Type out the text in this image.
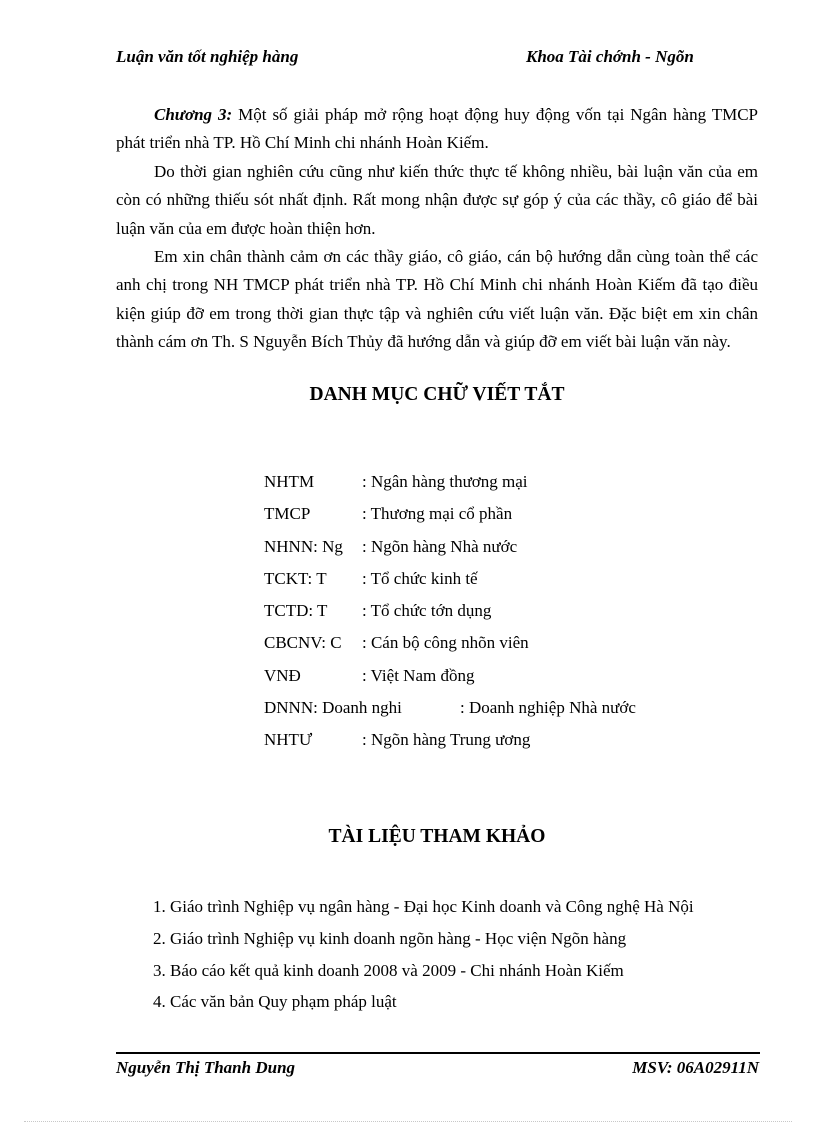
Luận văn tốt nghiệp hàng	Khoa Tài chớnh - Ngõn

Chương 3: Một số giải pháp mở rộng hoạt động huy động vốn tại Ngân hàng TMCP phát triển nhà TP. Hồ Chí Minh chi nhánh Hoàn Kiếm.

Do thời gian nghiên cứu cũng như kiến thức thực tế không nhiều, bài luận văn của em còn có những thiếu sót nhất định. Rất mong nhận được sự góp ý của các thầy, cô giáo để bài luận văn của em được hoàn thiện hơn.

Em xin chân thành cảm ơn các thầy giáo, cô giáo, cán bộ hướng dẫn cùng toàn thể các anh chị trong NH TMCP phát triển nhà TP. Hồ Chí Minh chi nhánh Hoàn Kiếm đã tạo điều kiện giúp đỡ em trong thời gian thực tập và nghiên cứu viết luận văn. Đặc biệt em xin chân thành cám ơn Th. S Nguyễn Bích Thủy đã hướng dẫn và giúp đỡ em viết bài luận văn này.

DANH MỤC CHỮ VIẾT TẮT
NHTM	: Ngân hàng thương mại
TMCP	: Thương mại cổ phần
NHNN: Ng : Ngõn hàng Nhà nước
TCKT: T : Tổ chức kinh tế
TCTD: T : Tổ chức tớn dụng
CBCNV: C : Cán bộ công nhõn viên
VNĐ	: Việt Nam đồng
DNNN: Doanh nghi	: Doanh nghiệp Nhà nước
NHTƯ	: Ngõn hàng Trung ương
TÀI LIỆU THAM KHẢO
1. Giáo trình Nghiệp vụ ngân hàng - Đại học Kinh doanh và Công nghệ Hà Nội
2. Giáo trình Nghiệp vụ kinh doanh ngõn hàng - Học viện Ngõn hàng
3. Báo cáo kết quả kinh doanh 2008 và 2009 - Chi nhánh Hoàn Kiếm
4. Các văn bản Quy phạm pháp luật
Nguyễn Thị Thanh Dung	MSV: 06A02911N
